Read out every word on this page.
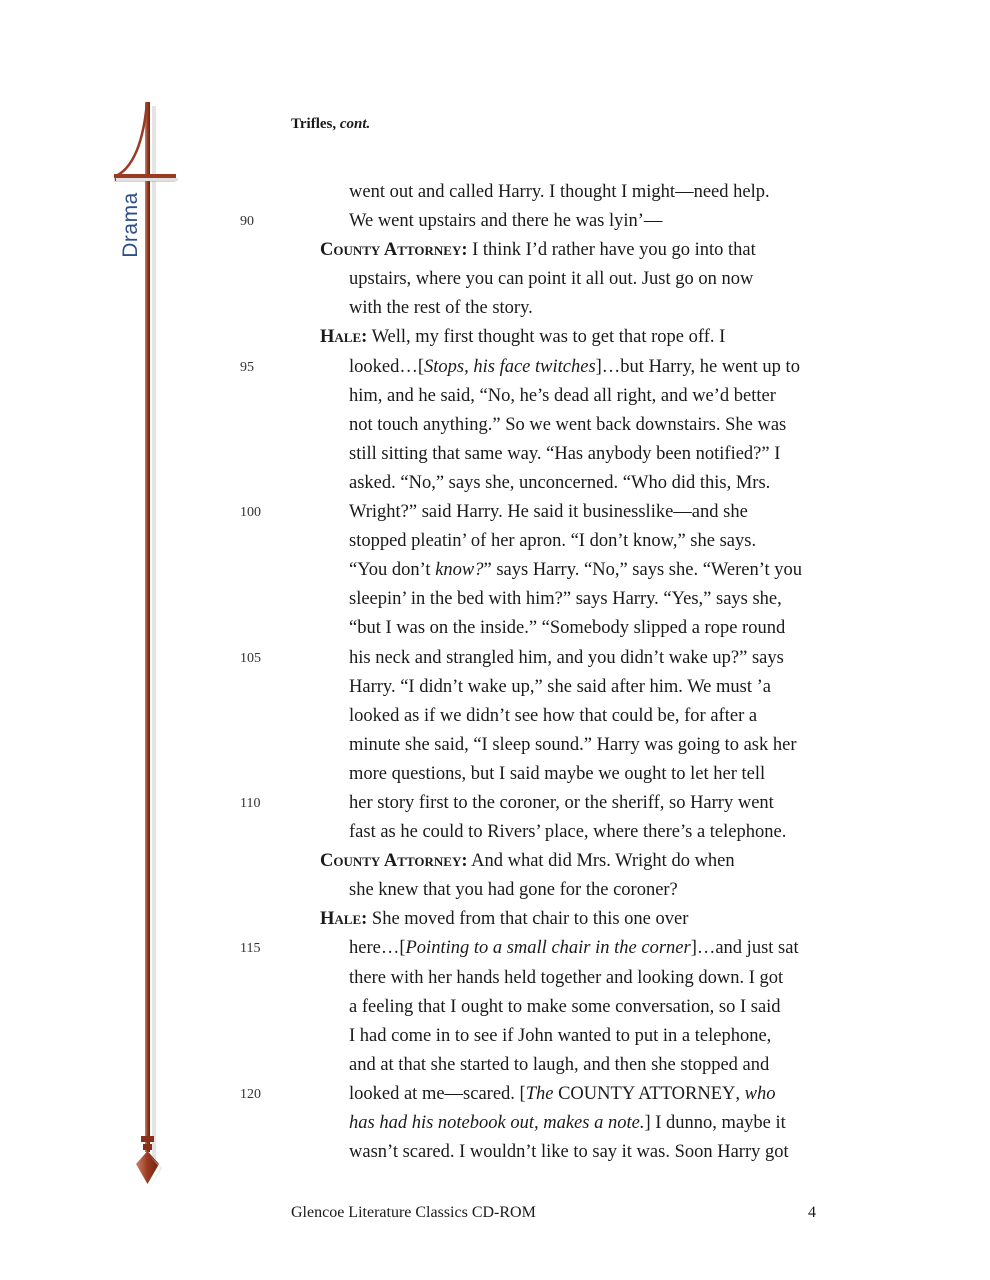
Drama
Trifles, cont.
went out and called Harry. I thought I might—need help.
90	We went upstairs and there he was lyin’—
County Attorney: I think I’d rather have you go into that
upstairs, where you can point it all out. Just go on now
with the rest of the story.
Hale: Well, my first thought was to get that rope off. I
95	looked…[Stops, his face twitches]…but Harry, he went up to
him, and he said, “No, he’s dead all right, and we’d better
not touch anything.” So we went back downstairs. She was
still sitting that same way. “Has anybody been notified?” I
asked. “No,” says she, unconcerned. “Who did this, Mrs.
100	Wright?” said Harry. He said it businesslike—and she
stopped pleatin’ of her apron. “I don’t know,” she says.
“You don’t know?” says Harry. “No,” says she. “Weren’t you
sleepin’ in the bed with him?” says Harry. “Yes,” says she,
“but I was on the inside.” “Somebody slipped a rope round
105	his neck and strangled him, and you didn’t wake up?” says
Harry. “I didn’t wake up,” she said after him. We must ’a
looked as if we didn’t see how that could be, for after a
minute she said, “I sleep sound.” Harry was going to ask her
more questions, but I said maybe we ought to let her tell
110	her story first to the coroner, or the sheriff, so Harry went
fast as he could to Rivers’ place, where there’s a telephone.
County Attorney: And what did Mrs. Wright do when
she knew that you had gone for the coroner?
Hale: She moved from that chair to this one over
115	here…[Pointing to a small chair in the corner]…and just sat
there with her hands held together and looking down. I got
a feeling that I ought to make some conversation, so I said
I had come in to see if John wanted to put in a telephone,
and at that she started to laugh, and then she stopped and
120	looked at me—scared. [The COUNTY ATTORNEY, who
has had his notebook out, makes a note.] I dunno, maybe it
wasn’t scared. I wouldn’t like to say it was. Soon Harry got
Glencoe Literature Classics CD-ROM	4
